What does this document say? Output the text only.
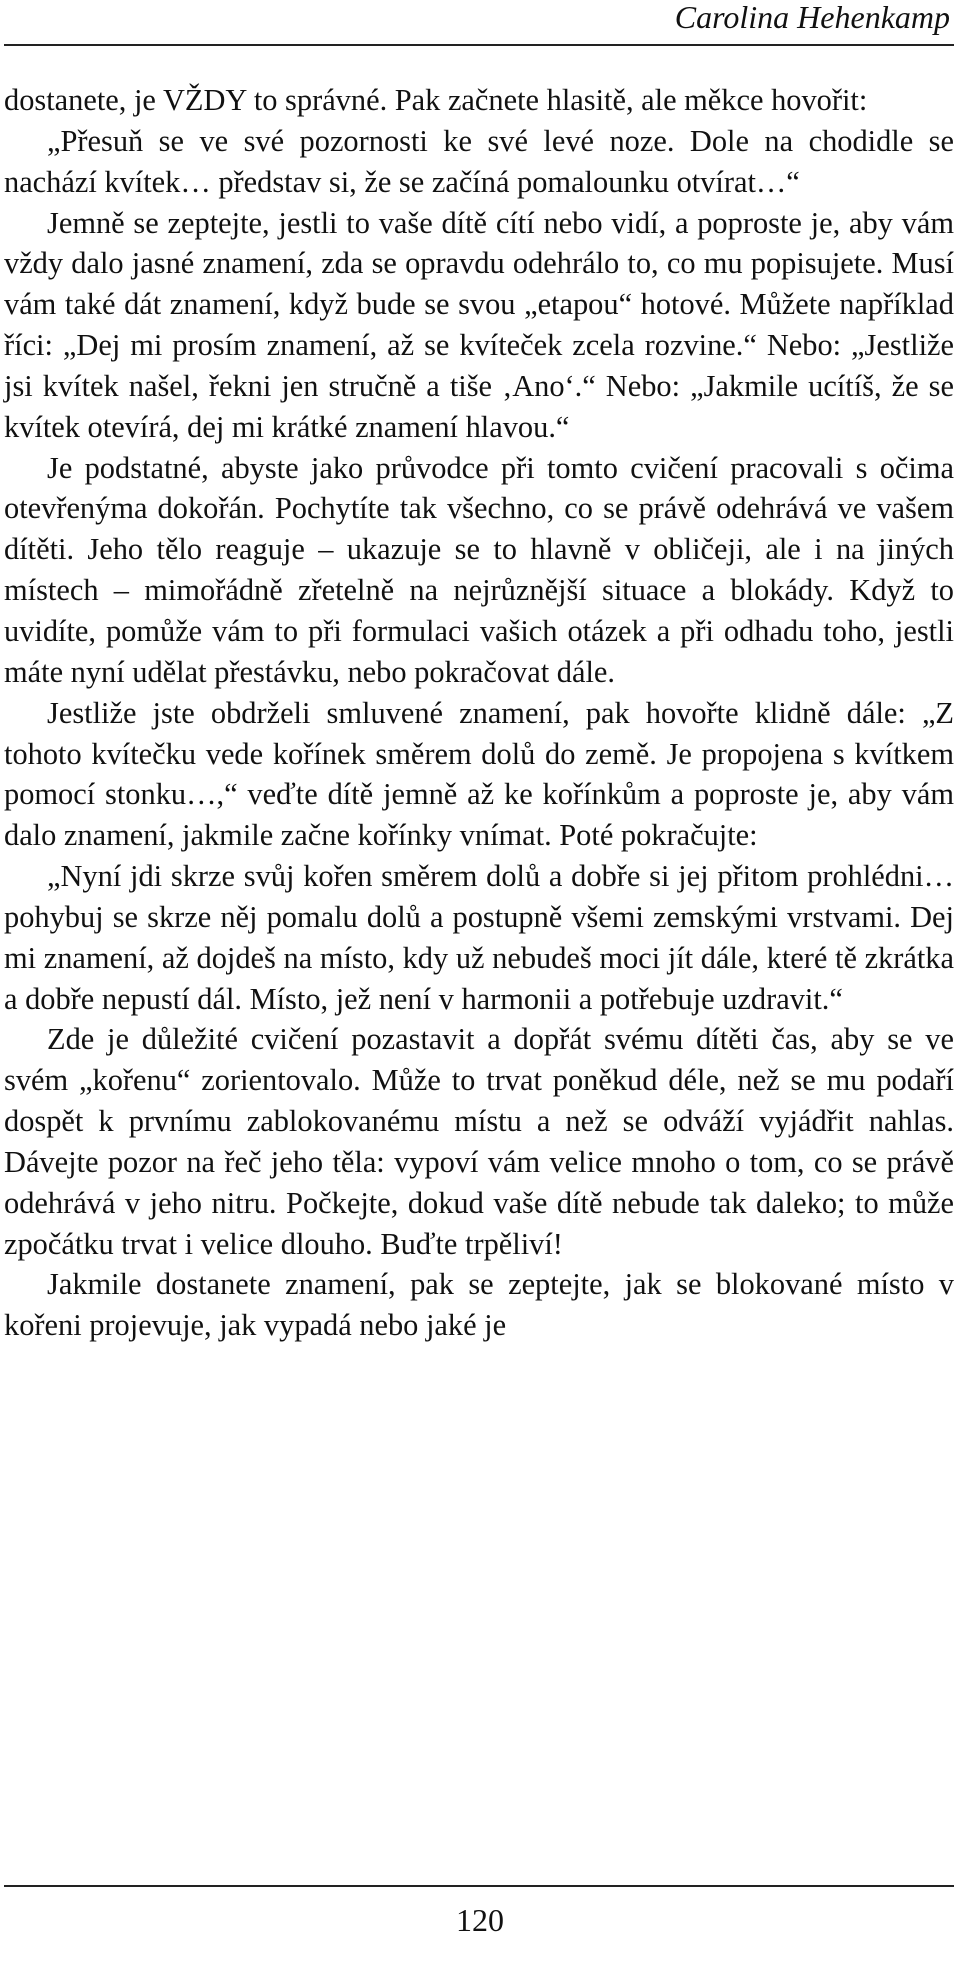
Carolina Hehenkamp

dostanete, je VŽDY to správné. Pak začnete hlasitě, ale měkce hovořit:

„Přesuň se ve své pozornosti ke své levé noze. Dole na chodidle se nachází kvítek… představ si, že se začíná pomalounku otvírat…“

Jemně se zeptejte, jestli to vaše dítě cítí nebo vidí, a poproste je, aby vám vždy dalo jasné znamení, zda se opravdu odehrálo to, co mu popisujete. Musí vám také dát znamení, když bude se svou „etapou“ hotové. Můžete například říci: „Dej mi prosím znamení, až se kvíteček zcela rozvine.“ Nebo: „Jestliže jsi kvítek našel, řekni jen stručně a tiše ‚Ano‘.“ Nebo: „Jakmile ucítíš, že se kvítek otevírá, dej mi krátké znamení hlavou.“

Je podstatné, abyste jako průvodce při tomto cvičení pracovali s očima otevřenýma dokořán. Pochytíte tak všechno, co se právě odehrává ve vašem dítěti. Jeho tělo reaguje – ukazuje se to hlavně v obličeji, ale i na jiných místech – mimořádně zřetelně na nejrůznější situace a blokády. Když to uvidíte, pomůže vám to při formulaci vašich otázek a při odhadu toho, jestli máte nyní udělat přestávku, nebo pokračovat dále.

Jestliže jste obdrželi smluvené znamení, pak hovořte klidně dále: „Z tohoto kvítečku vede kořínek směrem dolů do země. Je propojena s kvítkem pomocí stonku…,“ veďte dítě jemně až ke kořínkům a poproste je, aby vám dalo znamení, jakmile začne kořínky vnímat. Poté pokračujte:

„Nyní jdi skrze svůj kořen směrem dolů a dobře si jej přitom prohlédni… pohybuj se skrze něj pomalu dolů a postupně všemi zemskými vrstvami. Dej mi znamení, až dojdeš na místo, kdy už nebudeš moci jít dále, které tě zkrátka a dobře nepustí dál. Místo, jež není v harmonii a potřebuje uzdravit.“

Zde je důležité cvičení pozastavit a dopřát svému dítěti čas, aby se ve svém „kořenu“ zorientovalo. Může to trvat poněkud déle, než se mu podaří dospět k prvnímu zablokovanému místu a než se odváží vyjádřit nahlas. Dávejte pozor na řeč jeho těla: vypoví vám velice mnoho o tom, co se právě odehrává v jeho nitru. Počkejte, dokud vaše dítě nebude tak daleko; to může zpočátku trvat i velice dlouho. Buďte trpěliví!

Jakmile dostanete znamení, pak se zeptejte, jak se blokované místo v kořeni projevuje, jak vypadá nebo jaké je

120
